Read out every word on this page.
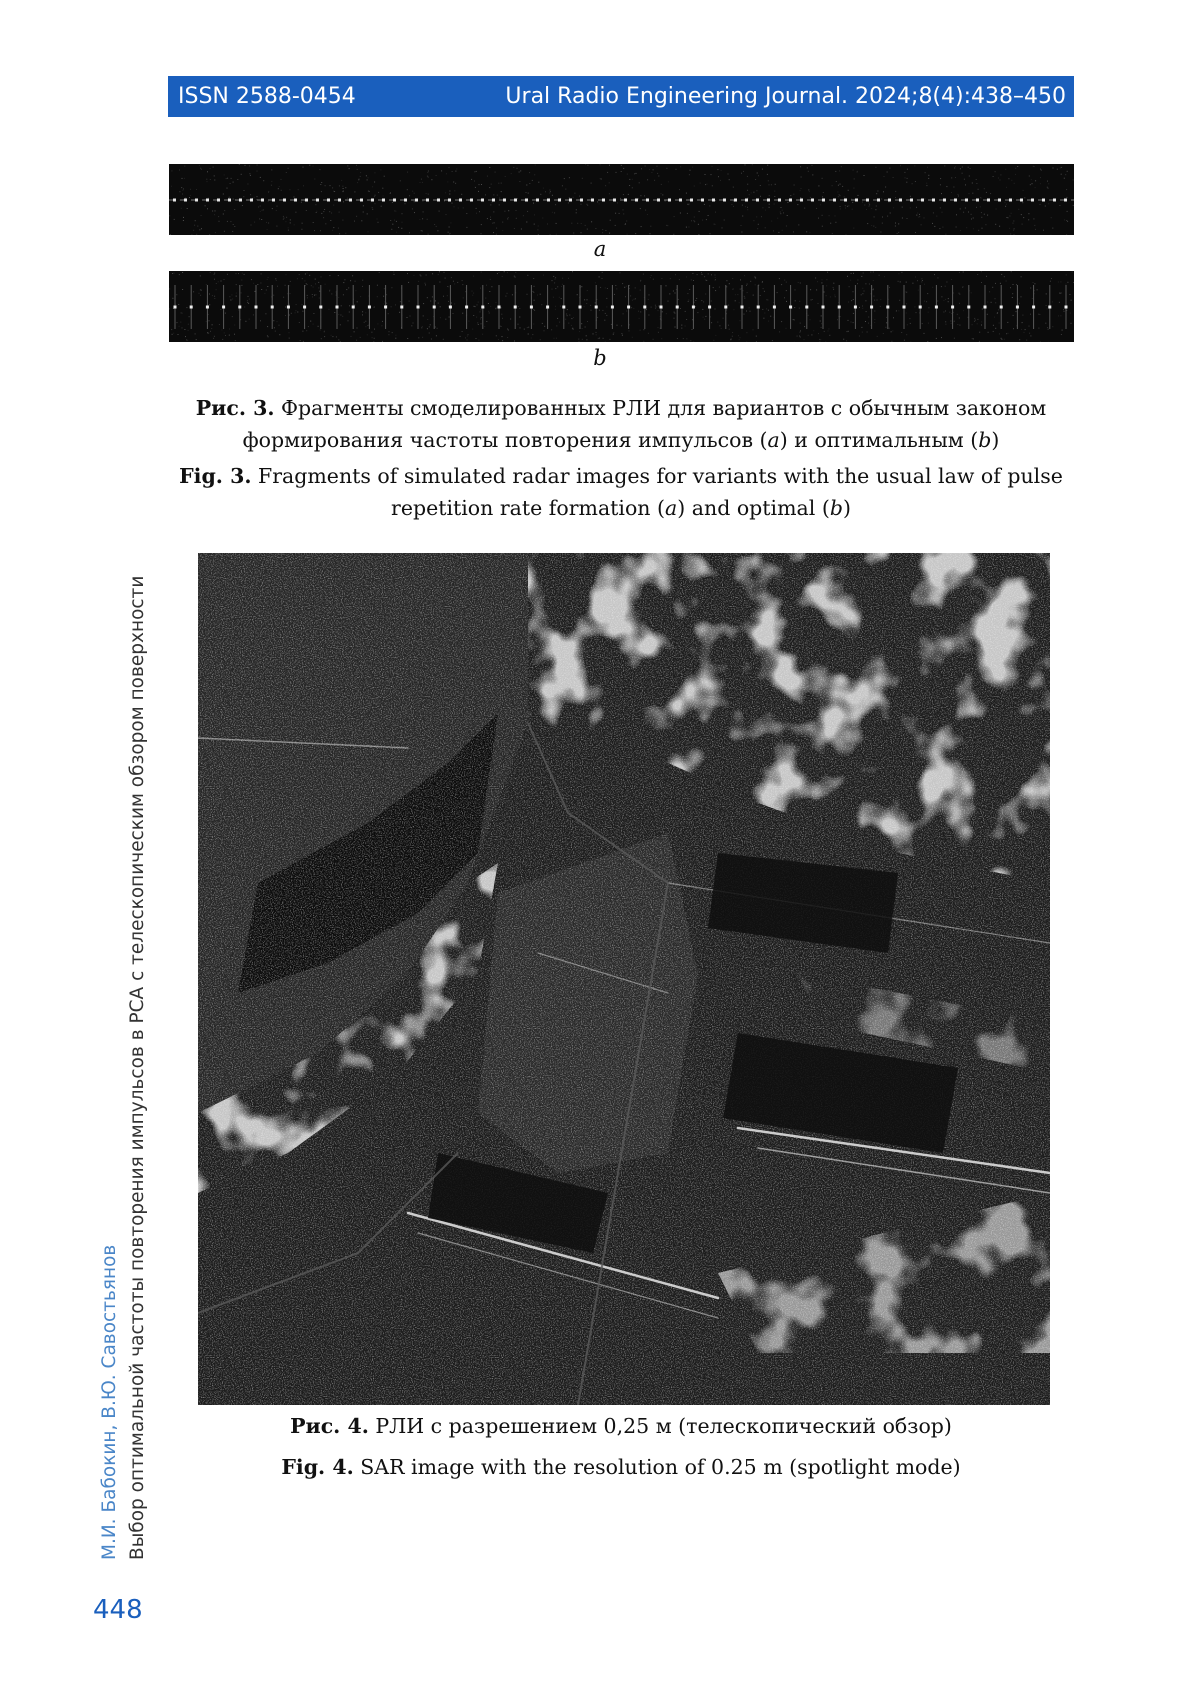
ISSN 2588-0454	Ural Radio Engineering Journal. 2024;8(4):438–450
a
b
Рис. 3. Фрагменты смоделированных РЛИ для вариантов с обычным законом формирования частоты повторения импульсов (a) и оптимальным (b)
Fig. 3. Fragments of simulated radar images for variants with the usual law of pulse repetition rate formation (a) and optimal (b)
Рис. 4. РЛИ с разрешением 0,25 м (телескопический обзор)
Fig. 4. SAR image with the resolution of 0.25 m (spotlight mode)
М.И. Бабокин, В.Ю. Савостьянов Выбор оптимальной частоты повторения импульсов в РСА с телескопическим обзором поверхности
448
